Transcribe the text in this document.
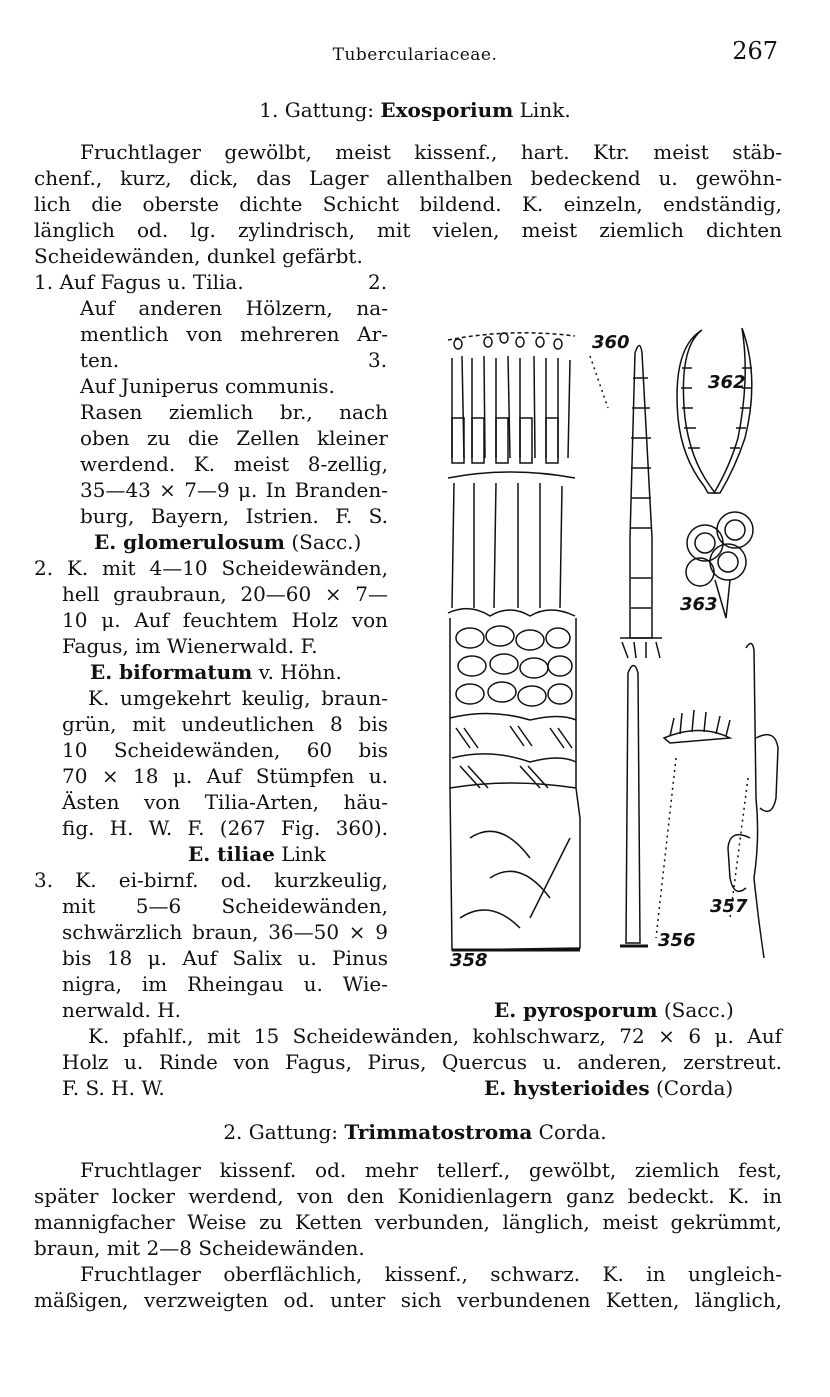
Tuberculariaceae.	267
1. Gattung: Exosporium Link.
Fruchtlager gewölbt, meist kissenf., hart. Ktr. meist stäb-
chenf., kurz, dick, das Lager allenthalben bedeckend u. gewöhn-
lich die oberste dichte Schicht bildend. K. einzeln, endständig,
länglich od. lg. zylindrisch, mit vielen, meist ziemlich dichten
Scheidewänden, dunkel gefärbt.
1. Auf Fagus u. Tilia.	2.
Auf anderen Hölzern, na-
mentlich von mehreren Ar-
ten.	3.
Auf Juniperus communis.
Rasen ziemlich br., nach
oben zu die Zellen kleiner
werdend. K. meist 8-zellig,
35—43 × 7—9 μ. In Branden-
burg, Bayern, Istrien. F. S.
E. glomerulosum (Sacc.)
2. K. mit 4—10 Scheidewänden,
hell graubraun, 20—60 × 7—
10 μ. Auf feuchtem Holz von
Fagus, im Wienerwald. F.
E. biformatum v. Höhn.
K. umgekehrt keulig, braun-
grün, mit undeutlichen 8 bis
10 Scheidewänden, 60 bis
70 × 18 μ. Auf Stümpfen u.
Ästen von Tilia-Arten, häu-
fig. H. W. F. (267 Fig. 360).
E. tiliae Link
3. K. ei-birnf. od. kurzkeulig,
mit 5—6 Scheidewänden,
schwärzlich braun, 36—50 × 9
bis 18 μ. Auf Salix u. Pinus
nigra, im Rheingau u. Wie-
nerwald. H.	E. pyrosporum (Sacc.)
K. pfahlf., mit 15 Scheidewänden, kohlschwarz, 72 × 6 μ. Auf
Holz u. Rinde von Fagus, Pirus, Quercus u. anderen, zerstreut.
F. S. H. W.	E. hysterioides (Corda)
360
362
363
357
356
358
2. Gattung: Trimmatostroma Corda.
Fruchtlager kissenf. od. mehr tellerf., gewölbt, ziemlich fest,
später locker werdend, von den Konidienlagern ganz bedeckt. K. in
mannigfacher Weise zu Ketten verbunden, länglich, meist gekrümmt,
braun, mit 2—8 Scheidewänden.
Fruchtlager oberflächlich, kissenf., schwarz. K. in ungleich-
mäßigen, verzweigten od. unter sich verbundenen Ketten, länglich,
